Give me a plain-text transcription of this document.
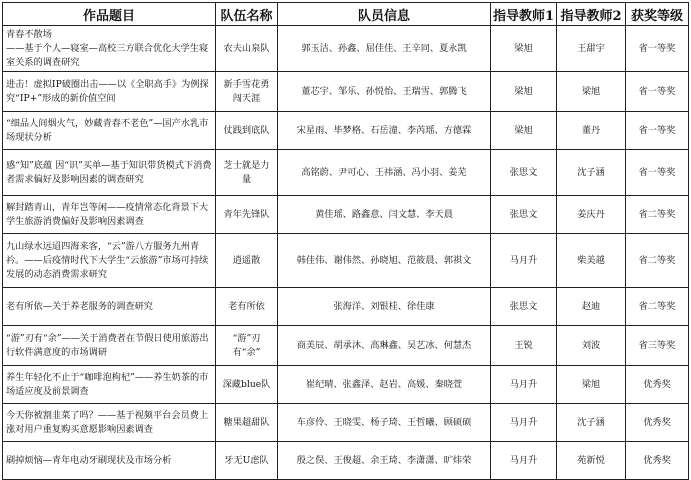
作品题目	队伍名称	队员信息	指导教师1	指导教师2	获奖等级
青春不散场
——基于个人—寝室—高校三方联合优化大学生寝室关系的调查研究	农夫山泉队	郭玉洁、孙鑫、屈佳佳、王辛同、夏永凯	梁旭	王甜宇	省一等奖
进击！虚拟IP破圈出击——以《全职高手》为例探究“IP+”形成的新价值空间	新手雪花勇闯天涯	董芯宇、邹乐、孙悦怡、王瑞雪、郭腾飞	梁旭	梁旭	省一等奖
“细品人间烟火气，妙藏青春不老色”—国产水乳市场现状分析	仗践到底队	宋星雨、毕梦格、石岳潼、李芮瑶、方德霖	梁旭	董丹	省一等奖
感“知”底蕴 因“识”买单—基于知识带货模式下消费者需求偏好及影响因素的调查研究	芝士就是力量	高铭蔚、尹可心、王祎涵、冯小羽、姜芜	张思文	沈子涵	省一等奖
解封踏青山，青年岂等闲——疫情常态化背景下大学生旅游消费偏好及影响因素调查	青年先锋队	黄佳瑶、路鑫意、闫文慧、李天晨	张思文	姜庆丹	省二等奖
九山绿水远迢四海来客，“云”游八方服务九州青衿。——后疫情时代下大学生“云旅游”市场可持续发展的动态消费需求研究	逍遥散	韩佳伟、谢伟然、孙晓旭、范筱晨、郭祺文	马月升	柴美越	省二等奖
老有所依—关于养老服务的调查研究	老有所依	张海洋、刘银桂、徐佳康	张思文	赵迪	省二等奖
“游”刃有“余”——关于消费者在节假日使用旅游出行软件满意度的市场调研	“游”刃有“余”	商美辰、胡承沐、高琳鑫、吴艺冰、何慧杰	王锐	刘波	省三等奖
养生年轻化不止于“咖啡泡枸杞”——养生奶茶的市场适应度及前景调查	深藏blue队	崔纪晴、张鑫泽、赵岩、高媛、秦晓萱	马月升	梁旭	优秀奖
今天你被割韭菜了吗？——基于视频平台会员费上涨对用户重复购买意愿影响因素调查	糖果超甜队	车彦伶、王晓雯、杨子琦、王哲曦、顾硕硕	马月升	沈子涵	优秀奖
刷掉烦恼—青年电动牙刷现状及市场分析	牙无U虑队	殷之俣、王俊超、余王琦、李潇潇、旷炜荣	马月升	苑新悦	优秀奖
